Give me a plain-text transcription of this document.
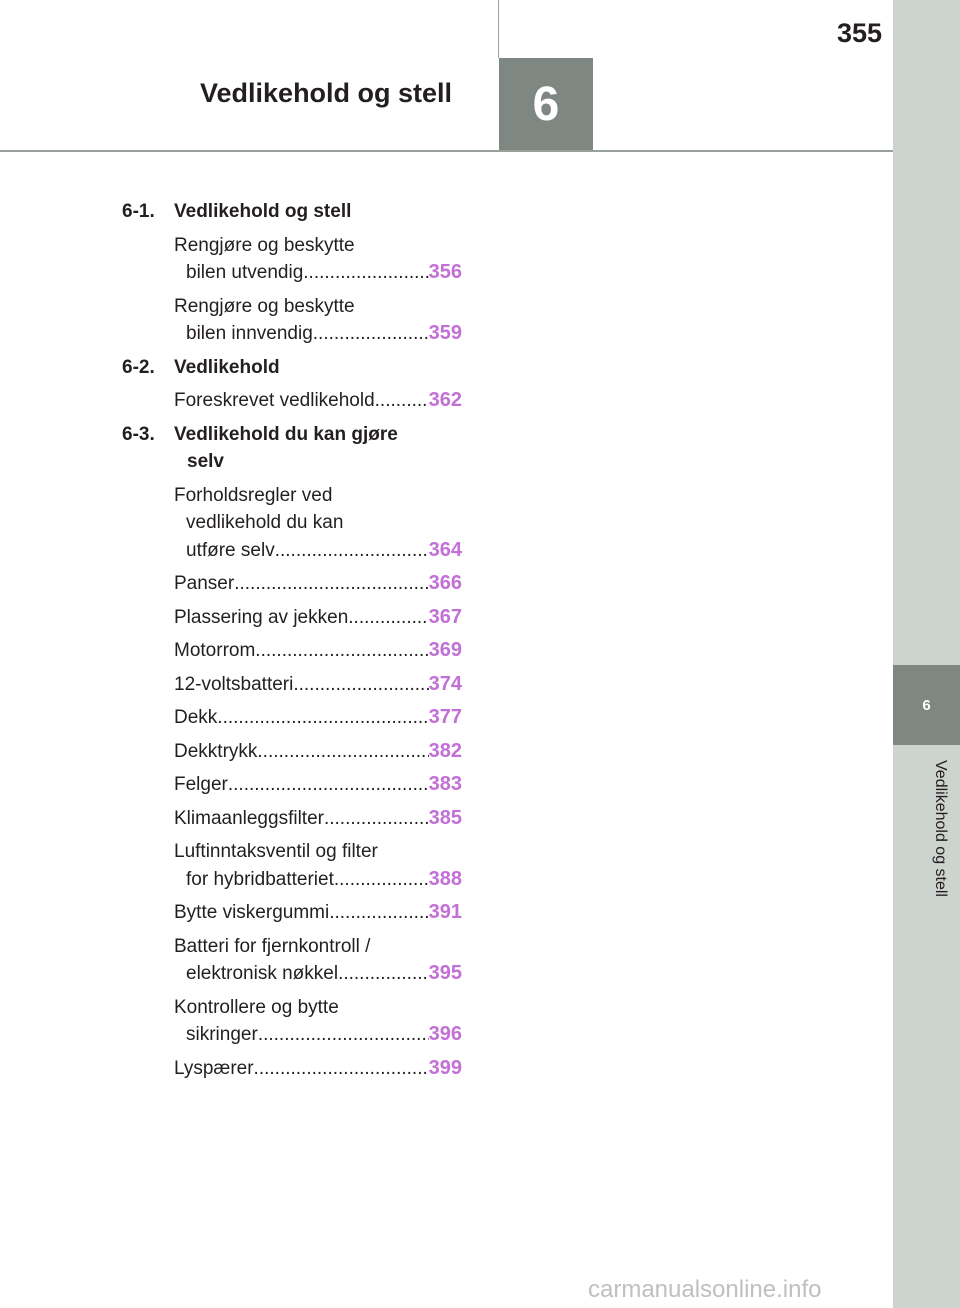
6
Vedlikehold og stell
355
Vedlikehold og stell	6
6-1.	Vedlikehold og stell
Rengjøre og beskytte
bilen utvendig .....	356
Rengjøre og beskytte
bilen innvendig .....	359
6-2.	Vedlikehold
Foreskrevet vedlikehold .....	362
6-3.	Vedlikehold du kan gjøre
selv
Forholdsregler ved
vedlikehold du kan
utføre selv .....	364
Panser .....	366
Plassering av jekken .....	367
Motorrom .....	369
12-voltsbatteri .....	374
Dekk .....	377
Dekktrykk .....	382
Felger .....	383
Klimaanleggsfilter .....	385
Luftinntaksventil og filter
for hybridbatteriet .....	388
Bytte viskergummi .....	391
Batteri for fjernkontroll /
elektronisk nøkkel .....	395
Kontrollere og bytte
sikringer .....	396
Lyspærer .....	399
carmanualsonline.info
